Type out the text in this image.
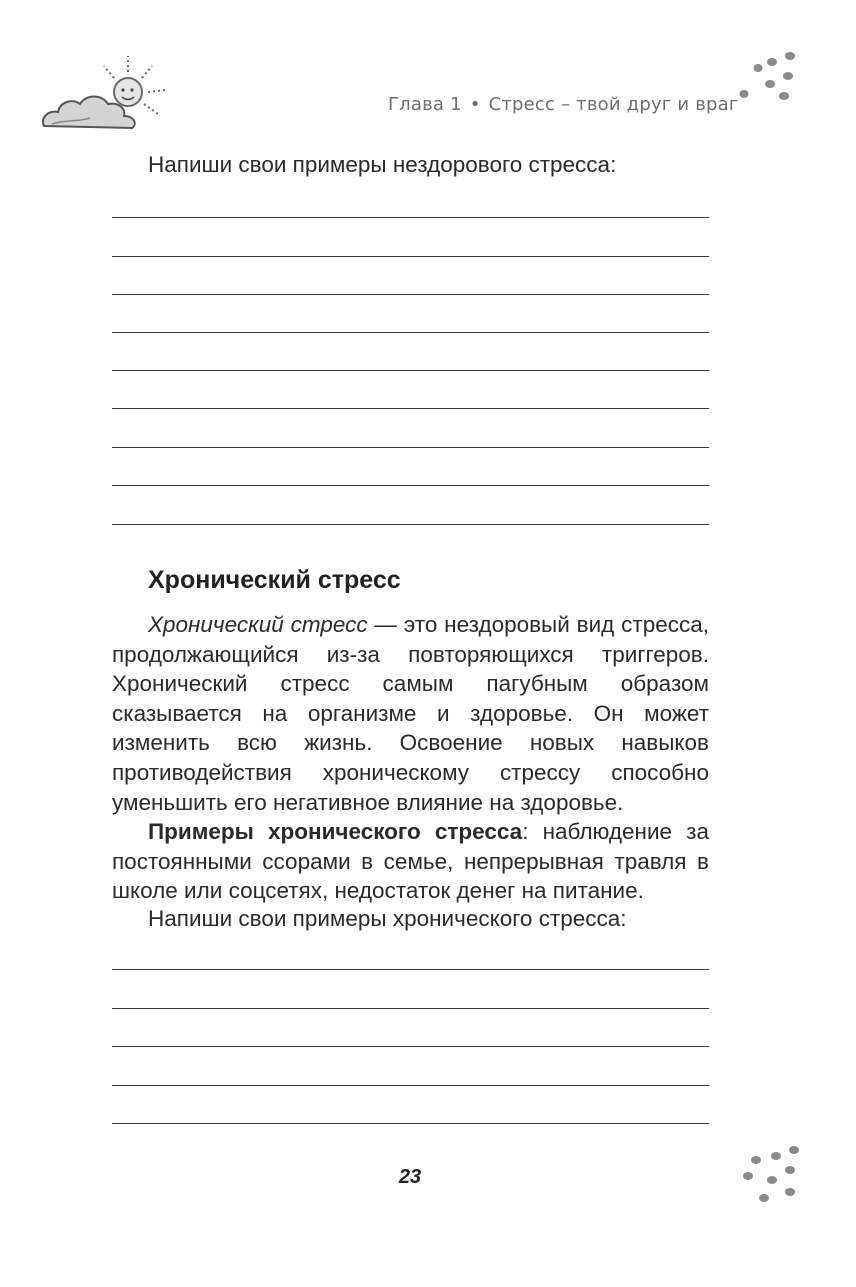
Глава 1 • Стресс – твой друг и враг
Напиши свои примеры нездорового стресса:
Хронический стресс
Хронический стресс — это нездоровый вид стресса, продолжающийся из-за повторяющихся триггеров. Хронический стресс самым пагубным образом сказывается на организме и здоровье. Он может изменить всю жизнь. Освоение новых навыков противодействия хроническому стрессу способно уменьшить его негативное влияние на здоровье.
Примеры хронического стресса: наблюдение за постоянными ссорами в семье, непрерывная травля в школе или соцсетях, недостаток денег на питание.
Напиши свои примеры хронического стресса:
23
